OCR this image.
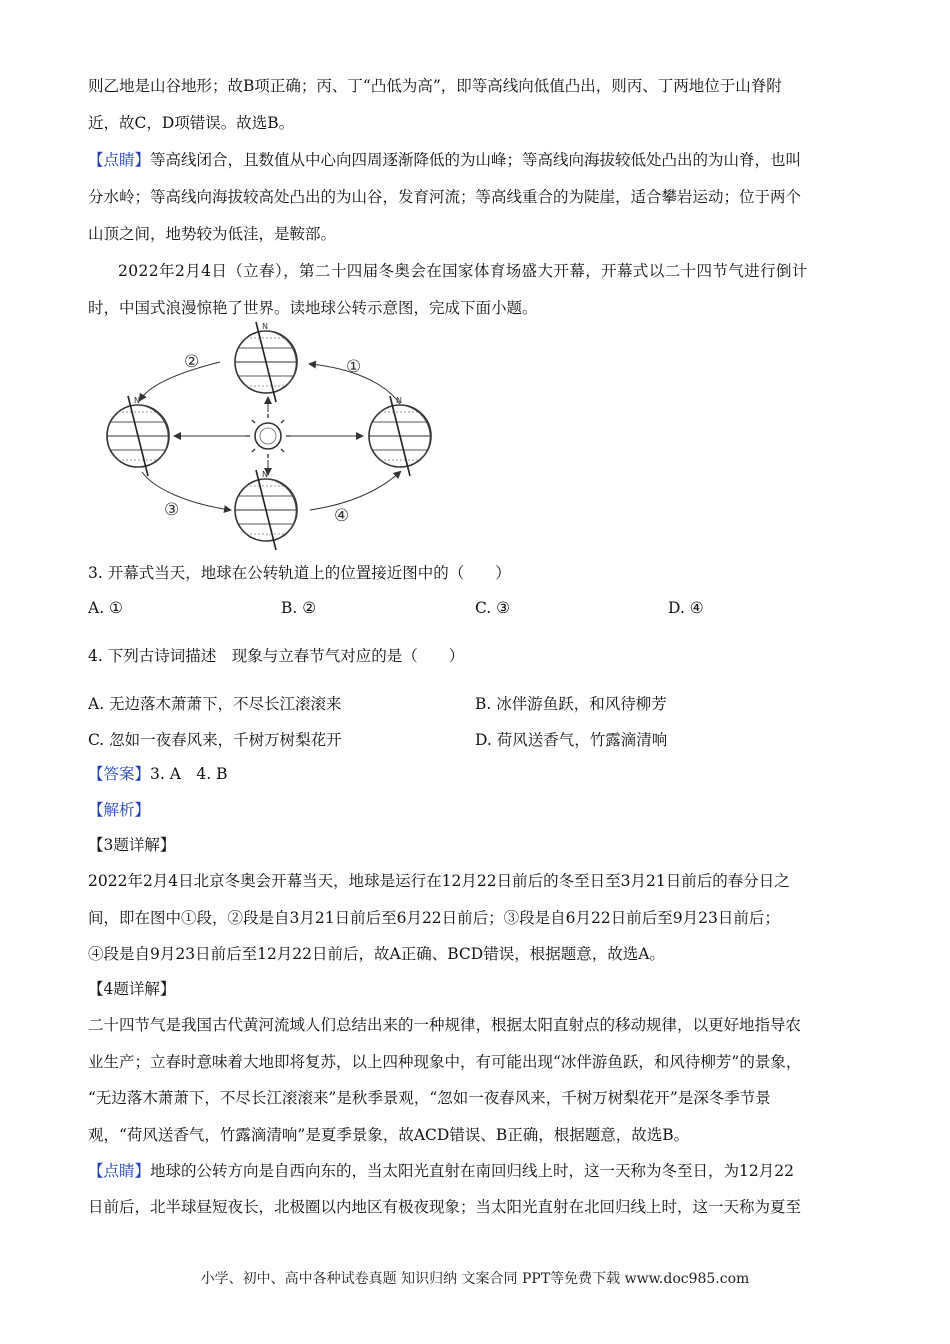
则乙地是山谷地形；故B项正确；丙、丁“凸低为高”，即等高线向低值凸出，则丙、丁两地位于山脊附
近，故C，D项错误。故选B。
【点睛】等高线闭合，且数值从中心向四周逐渐降低的为山峰；等高线向海拔较低处凸出的为山脊，也叫
分水岭；等高线向海拔较高处凸出的为山谷，发育河流；等高线重合的为陡崖，适合攀岩运动；位于两个
山顶之间，地势较为低洼，是鞍部。
2022年2月4日（立春），第二十四届冬奥会在国家体育场盛大开幕，开幕式以二十四节气进行倒计
时，中国式浪漫惊艳了世界。读地球公转示意图，完成下面小题。
N
②	①
③	④
3. 开幕式当天，地球在公转轨道上的位置接近图中的（　　）
A. ①	B. ②	C. ③	D. ④
4. 下列古诗词描述　现象与立春节气对应的是（　　）
A. 无边落木萧萧下，不尽长江滚滚来	B. 冰伴游鱼跃，和风待柳芳
C. 忽如一夜春风来，千树万树梨花开	D. 荷风送香气，竹露滴清响
【答案】3. A　4. B
【解析】
【3题详解】
2022年2月4日北京冬奥会开幕当天，地球是运行在12月22日前后的冬至日至3月21日前后的春分日之
间，即在图中①段，②段是自3月21日前后至6月22日前后；③段是自6月22日前后至9月23日前后；
④段是自9月23日前后至12月22日前后，故A正确、BCD错误，根据题意，故选A。
【4题详解】
二十四节气是我国古代黄河流域人们总结出来的一种规律，根据太阳直射点的移动规律，以更好地指导农
业生产；立春时意味着大地即将复苏，以上四种现象中，有可能出现“冰伴游鱼跃，和风待柳芳”的景象，
“无边落木萧萧下，不尽长江滚滚来”是秋季景观，“忽如一夜春风来，千树万树梨花开”是深冬季节景
观，“荷风送香气，竹露滴清响”是夏季景象，故ACD错误、B正确，根据题意，故选B。
【点睛】地球的公转方向是自西向东的，当太阳光直射在南回归线上时，这一天称为冬至日，为12月22
日前后，北半球昼短夜长，北极圈以内地区有极夜现象；当太阳光直射在北回归线上时，这一天称为夏至
小学、初中、高中各种试卷真题 知识归纳 文案合同 PPT等免费下载 www.doc985.com
